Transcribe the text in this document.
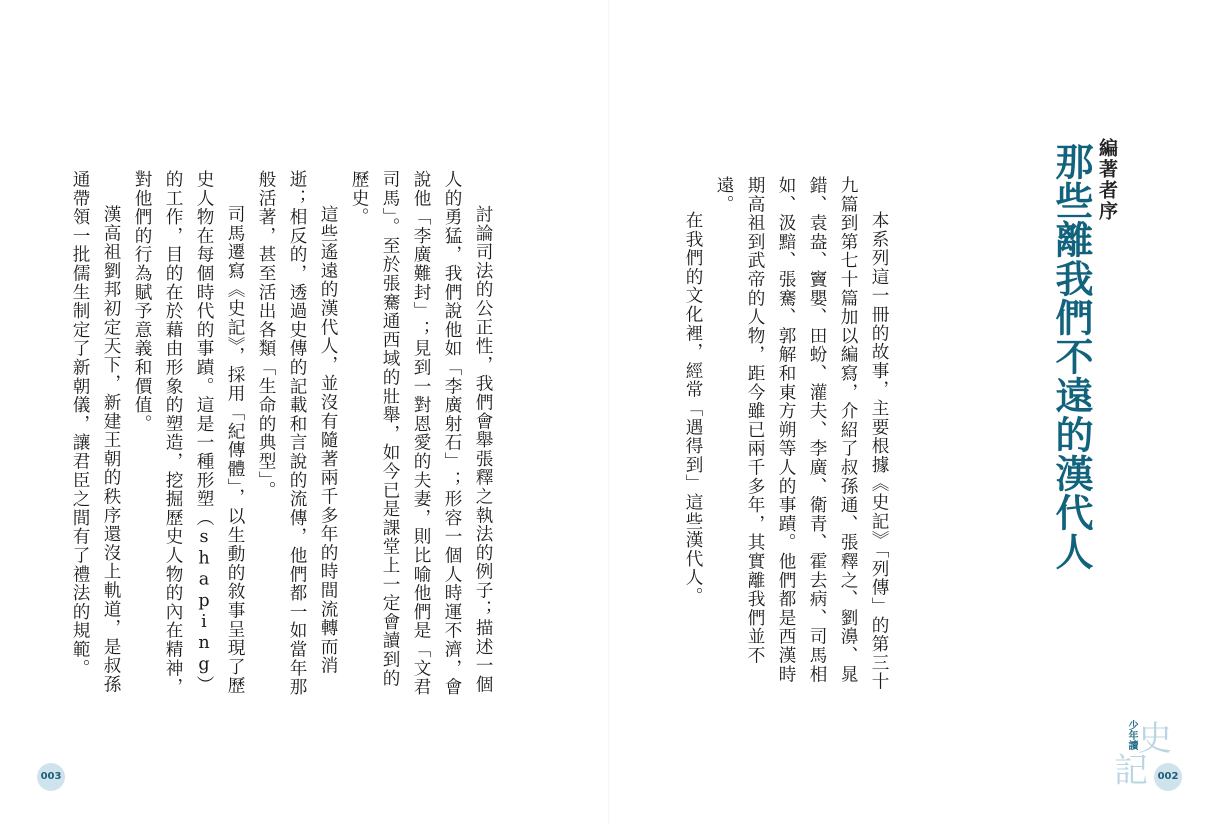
討論司法的公正性，我們會舉張釋之執法的例子；描述一個人的勇猛，我們說他如「李廣射石」；形容一個人時運不濟，會說他「李廣難封」；見到一對恩愛的夫妻，則比喻他們是「文君司馬」。至於張騫通西域的壯舉，如今已是課堂上一定會讀到的歷史。

這些遙遠的漢代人，並沒有隨著兩千多年的時間流轉而消逝；相反的，透過史傳的記載和言說的流傳，他們都一如當年那般活著，甚至活出各類「生命的典型」。

司馬遷寫《史記》，採用「紀傳體」，以生動的敘事呈現了歷史人物在每個時代的事蹟。這是一種形塑（shaping）的工作，目的在於藉由形象的塑造，挖掘歷史人物的內在精神，對他們的行為賦予意義和價值。

漢高祖劉邦初定天下，新建王朝的秩序還沒上軌道，是叔孫通帶領一批儒生制定了新朝儀，讓君臣之間有了禮法的規範。

003
編著者序
那些離我們不遠的漢代人

本系列這一冊的故事，主要根據《史記》「列傳」的第三十九篇到第七十篇加以編寫，介紹了叔孫通、張釋之、劉濞、晁錯、袁盎、竇嬰、田蚡、灌夫、李廣、衛青、霍去病、司馬相如、汲黯、張騫、郭解和東方朔等人的事蹟。他們都是西漢時期高祖到武帝的人物，距今雖已兩千多年，其實離我們並不遠。

在我們的文化裡，經常「遇得到」這些漢代人。

史
記
少年讀
002
